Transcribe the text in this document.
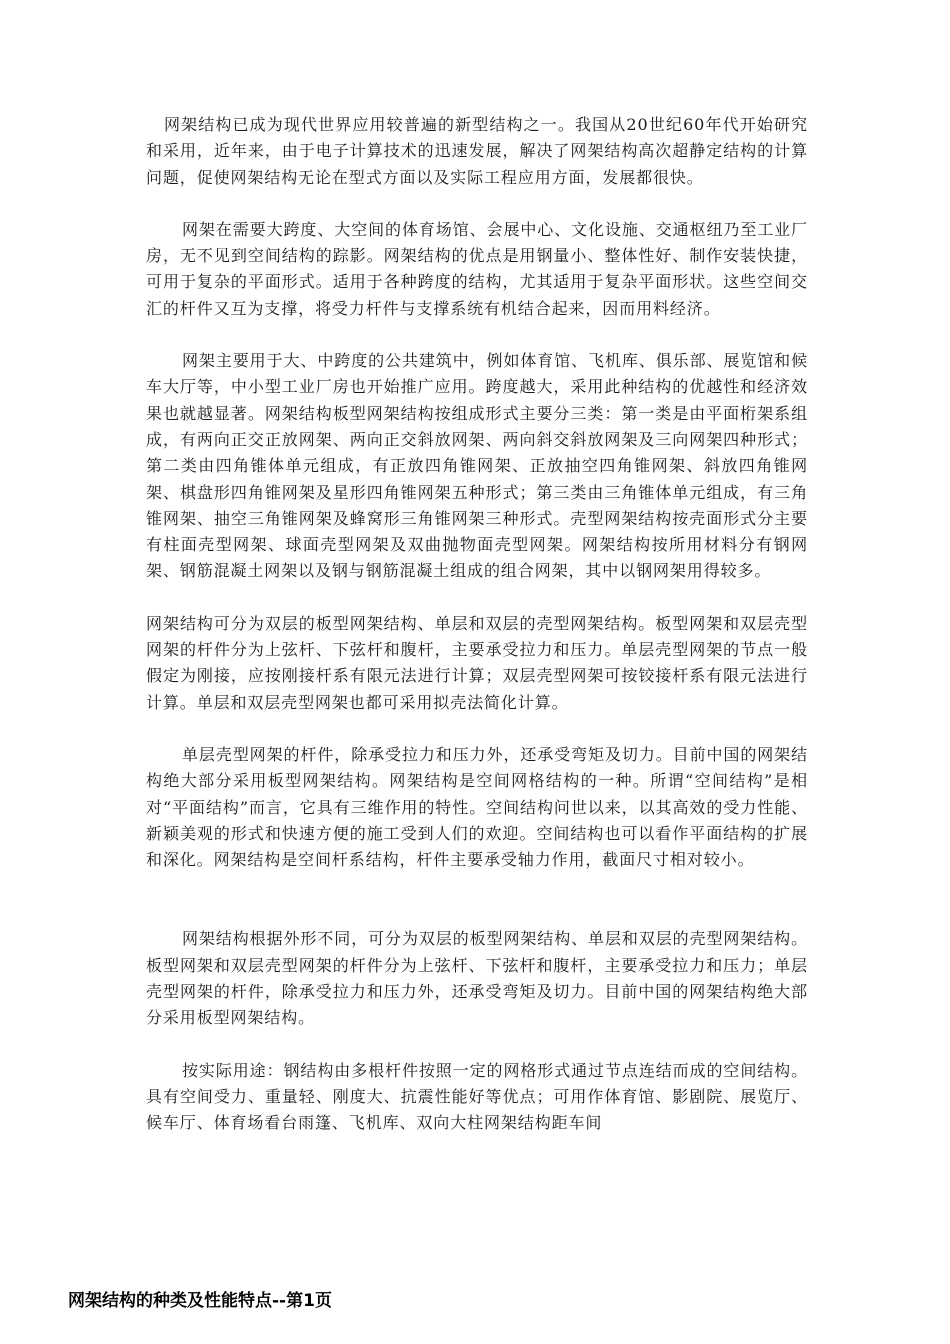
网架结构已成为现代世界应用较普遍的新型结构之一。我国从20世纪60年代开始研究和采用，近年来，由于电子计算技术的迅速发展，解决了网架结构高次超静定结构的计算问题，促使网架结构无论在型式方面以及实际工程应用方面，发展都很快。

网架在需要大跨度、大空间的体育场馆、会展中心、文化设施、交通枢纽乃至工业厂房，无不见到空间结构的踪影。网架结构的优点是用钢量小、整体性好、制作安装快捷，可用于复杂的平面形式。适用于各种跨度的结构，尤其适用于复杂平面形状。这些空间交汇的杆件又互为支撑，将受力杆件与支撑系统有机结合起来，因而用料经济。

网架主要用于大、中跨度的公共建筑中，例如体育馆、飞机库、俱乐部、展览馆和候车大厅等，中小型工业厂房也开始推广应用。跨度越大，采用此种结构的优越性和经济效果也就越显著。网架结构板型网架结构按组成形式主要分三类：第一类是由平面桁架系组成，有两向正交正放网架、两向正交斜放网架、两向斜交斜放网架及三向网架四种形式；第二类由四角锥体单元组成，有正放四角锥网架、正放抽空四角锥网架、斜放四角锥网架、棋盘形四角锥网架及星形四角锥网架五种形式；第三类由三角锥体单元组成，有三角锥网架、抽空三角锥网架及蜂窝形三角锥网架三种形式。壳型网架结构按壳面形式分主要有柱面壳型网架、球面壳型网架及双曲抛物面壳型网架。网架结构按所用材料分有钢网架、钢筋混凝土网架以及钢与钢筋混凝土组成的组合网架，其中以钢网架用得较多。

网架结构可分为双层的板型网架结构、单层和双层的壳型网架结构。板型网架和双层壳型网架的杆件分为上弦杆、下弦杆和腹杆，主要承受拉力和压力。单层壳型网架的节点一般假定为刚接，应按刚接杆系有限元法进行计算；双层壳型网架可按铰接杆系有限元法进行计算。单层和双层壳型网架也都可采用拟壳法简化计算。

单层壳型网架的杆件，除承受拉力和压力外，还承受弯矩及切力。目前中国的网架结构绝大部分采用板型网架结构。网架结构是空间网格结构的一种。所谓“空间结构”是相对“平面结构”而言，它具有三维作用的特性。空间结构问世以来，以其高效的受力性能、新颖美观的形式和快速方便的施工受到人们的欢迎。空间结构也可以看作平面结构的扩展和深化。网架结构是空间杆系结构，杆件主要承受轴力作用，截面尺寸相对较小。

网架结构根据外形不同，可分为双层的板型网架结构、单层和双层的壳型网架结构。板型网架和双层壳型网架的杆件分为上弦杆、下弦杆和腹杆，主要承受拉力和压力；单层壳型网架的杆件，除承受拉力和压力外，还承受弯矩及切力。目前中国的网架结构绝大部分采用板型网架结构。

按实际用途：钢结构由多根杆件按照一定的网格形式通过节点连结而成的空间结构。具有空间受力、重量轻、刚度大、抗震性能好等优点；可用作体育馆、影剧院、展览厅、候车厅、体育场看台雨篷、飞机库、双向大柱网架结构距车间

网架结构的种类及性能特点--第1页
